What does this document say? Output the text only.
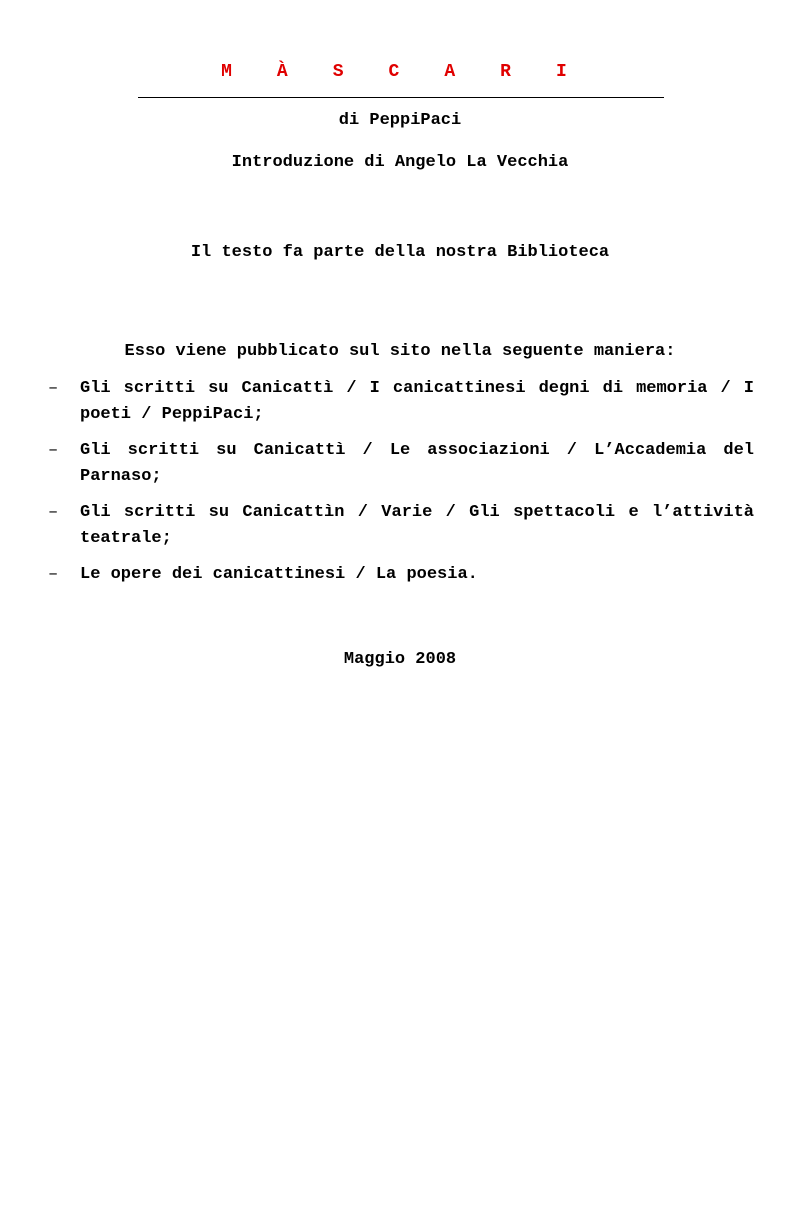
M À S C A R I
di PeppiPaci
Introduzione di Angelo La Vecchia
Il testo fa parte della nostra Biblioteca
Esso viene pubblicato sul sito nella seguente maniera:
– Gli scritti su Canicattì / I canicattinesi degni di memoria / I poeti / PeppiPaci;
– Gli scritti su Canicattì / Le associazioni / L’Accademia del Parnaso;
– Gli scritti su Canicattìn / Varie / Gli spettacoli e l’attività teatrale;
– Le opere dei canicattinesi / La poesia.
Maggio 2008
